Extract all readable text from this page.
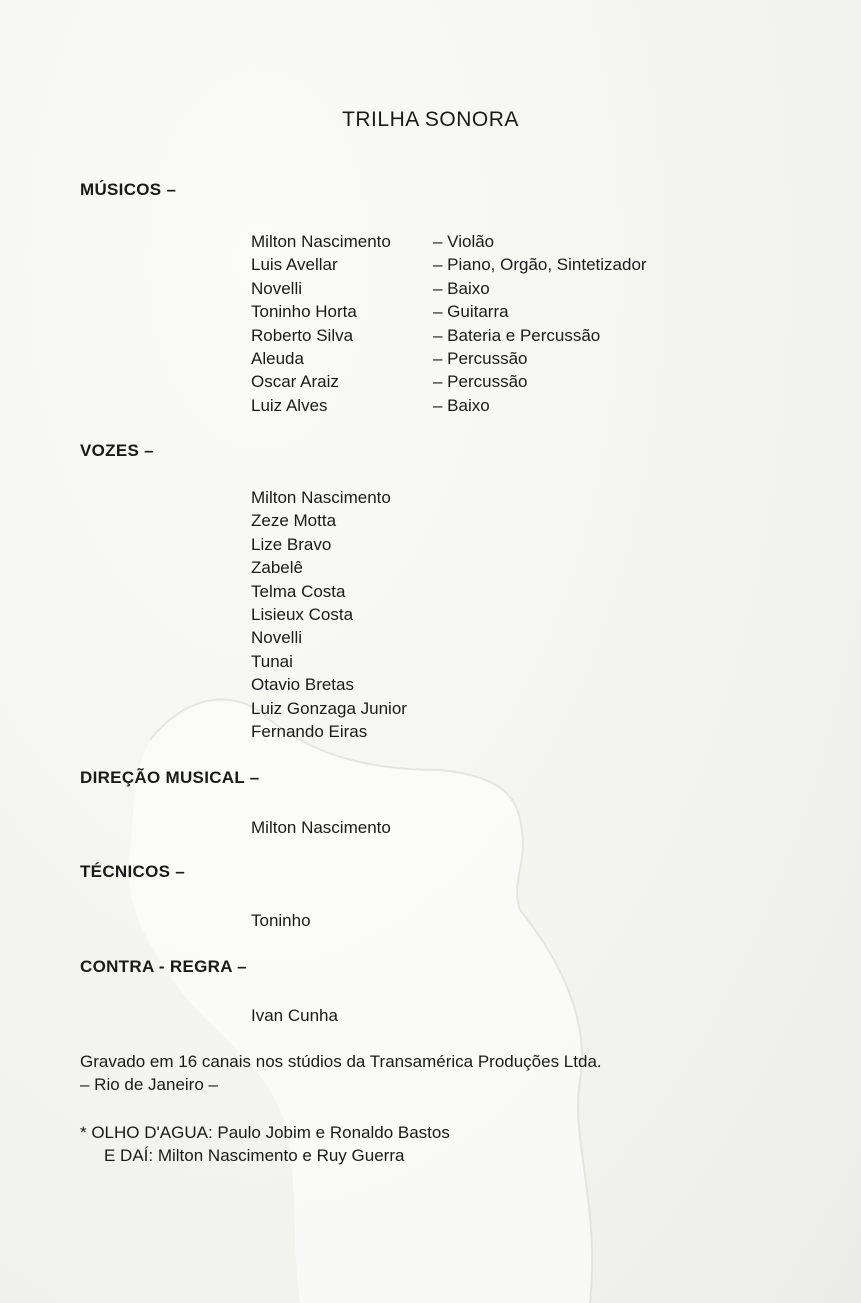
TRILHA SONORA
MÚSICOS –
Milton Nascimento
Luis Avellar
Novelli
Toninho Horta
Roberto Silva
Aleuda
Oscar Araiz
Luiz Alves
– Violão
– Piano, Orgão, Sintetizador
– Baixo
– Guitarra
– Bateria e Percussão
– Percussão
– Percussão
– Baixo
VOZES –
Milton Nascimento
Zeze Motta
Lize Bravo
Zabelê
Telma Costa
Lisieux Costa
Novelli
Tunai
Otavio Bretas
Luiz Gonzaga Junior
Fernando Eiras
DIREÇÃO MUSICAL –
Milton Nascimento
TÉCNICOS –
Toninho
CONTRA - REGRA –
Ivan Cunha
Gravado em 16 canais nos stúdios da Transamérica Produções Ltda.
– Rio de Janeiro –
* OLHO D'AGUA: Paulo Jobim e Ronaldo Bastos
E DAÍ: Milton Nascimento e Ruy Guerra
